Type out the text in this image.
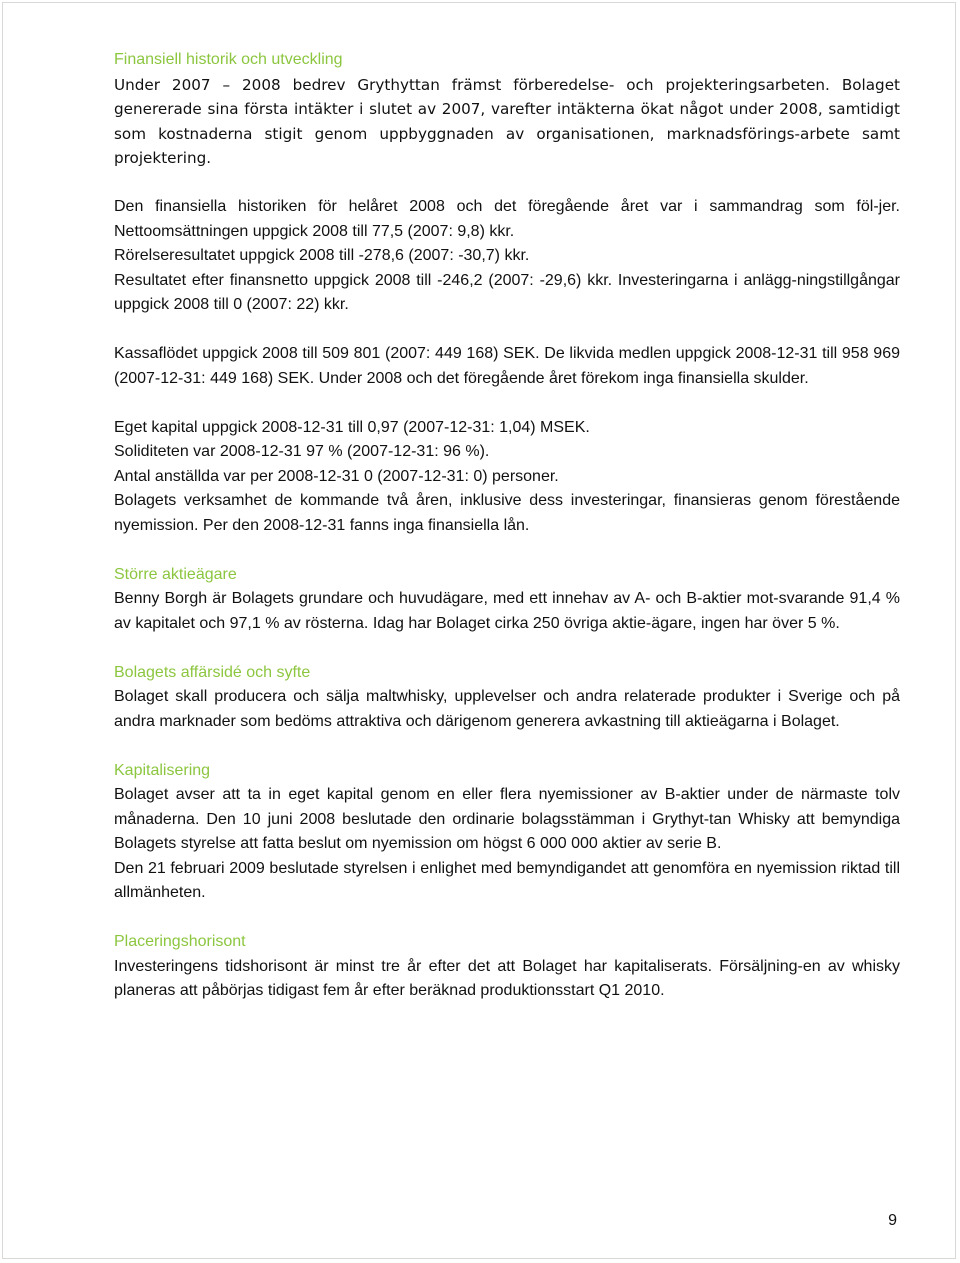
Finansiell historik och utveckling

Under 2007 – 2008 bedrev Grythyttan främst förberedelse- och projekteringsarbeten. Bolaget genererade sina första intäkter i slutet av 2007, varefter intäkterna ökat något under 2008, samtidigt som kostnaderna stigit genom uppbyggnaden av organisationen, marknadsförings-arbete samt projektering.

Den finansiella historiken för helåret 2008 och det föregående året var i sammandrag som föl-jer. Nettoomsättningen uppgick 2008 till 77,5 (2007: 9,8) kkr.

Rörelseresultatet uppgick 2008 till -278,6 (2007: -30,7) kkr.

Resultatet efter finansnetto uppgick 2008 till -246,2 (2007: -29,6) kkr. Investeringarna i anlägg-ningstillgångar uppgick 2008 till 0 (2007: 22) kkr.

Kassaflödet uppgick 2008 till 509 801 (2007: 449 168) SEK. De likvida medlen uppgick 2008-12-31 till 958 969 (2007-12-31: 449 168) SEK. Under 2008 och det föregående året förekom inga finansiella skulder.

Eget kapital uppgick 2008-12-31 till 0,97 (2007-12-31: 1,04) MSEK.

Soliditeten var 2008-12-31 97 % (2007-12-31: 96 %).

Antal anställda var per 2008-12-31 0 (2007-12-31: 0) personer.

Bolagets verksamhet de kommande två åren, inklusive dess investeringar, finansieras genom förestående nyemission. Per den 2008-12-31 fanns inga finansiella lån.

Större aktieägare

Benny Borgh är Bolagets grundare och huvudägare, med ett innehav av A- och B-aktier mot-svarande 91,4 % av kapitalet och 97,1 % av rösterna. Idag har Bolaget cirka 250 övriga aktie-ägare, ingen har över 5 %.

Bolagets affärsidé och syfte

Bolaget skall producera och sälja maltwhisky, upplevelser och andra relaterade produkter i Sverige och på andra marknader som bedöms attraktiva och därigenom generera avkastning till aktieägarna i Bolaget.

Kapitalisering

Bolaget avser att ta in eget kapital genom en eller flera nyemissioner av B-aktier under de närmaste tolv månaderna. Den 10 juni 2008 beslutade den ordinarie bolagsstämman i Grythyt-tan Whisky att bemyndiga Bolagets styrelse att fatta beslut om nyemission om högst 6 000 000 aktier av serie B.

Den 21 februari 2009 beslutade styrelsen i enlighet med bemyndigandet att genomföra en nyemission riktad till allmänheten.

Placeringshorisont

Investeringens tidshorisont är minst tre år efter det att Bolaget har kapitaliserats. Försäljning-en av whisky planeras att påbörjas tidigast fem år efter beräknad produktionsstart Q1 2010.

9
